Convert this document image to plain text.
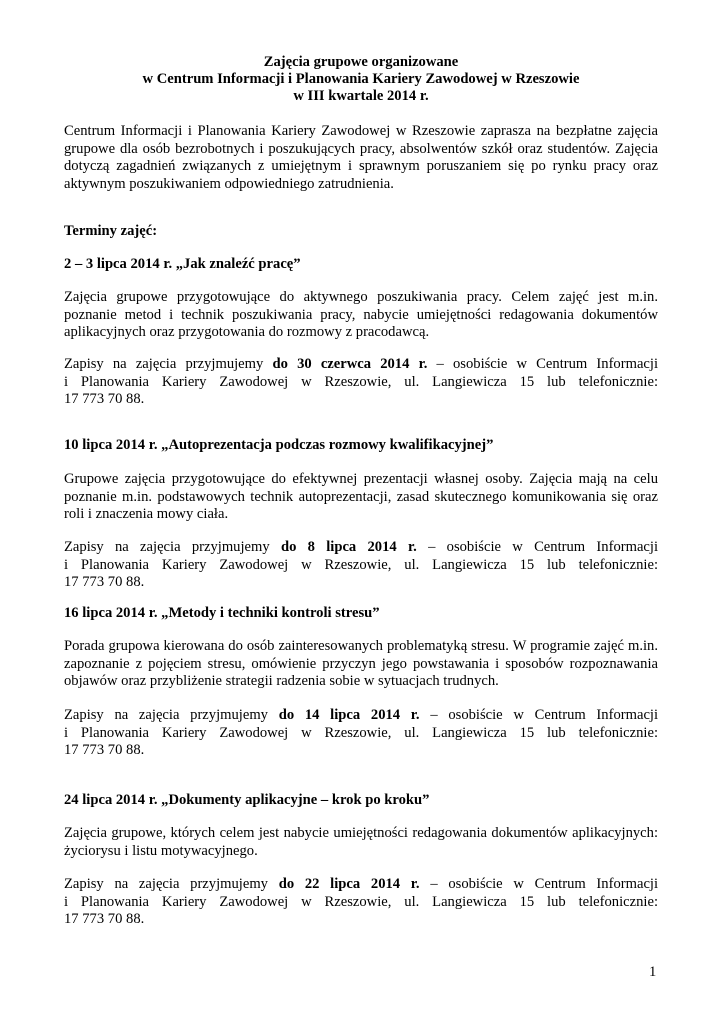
Zajęcia grupowe organizowane
w Centrum Informacji i Planowania Kariery Zawodowej w Rzeszowie
w III kwartale 2014 r.
Centrum Informacji i Planowania Kariery Zawodowej w Rzeszowie zaprasza na bezpłatne zajęcia
grupowe dla osób bezrobotnych i poszukujących pracy, absolwentów szkół oraz studentów. Zajęcia
dotyczą zagadnień związanych z umiejętnym i sprawnym poruszaniem się po rynku pracy oraz
aktywnym poszukiwaniem odpowiedniego zatrudnienia.
Terminy zajęć:
2 – 3 lipca 2014 r. „Jak znaleźć pracę”
Zajęcia grupowe przygotowujące do aktywnego poszukiwania pracy. Celem zajęć jest m.in.
poznanie metod i technik poszukiwania pracy, nabycie umiejętności redagowania dokumentów
aplikacyjnych oraz przygotowania do rozmowy z pracodawcą.
Zapisy na zajęcia przyjmujemy do 30 czerwca 2014 r. – osobiście w Centrum Informacji
i Planowania Kariery Zawodowej w Rzeszowie, ul. Langiewicza 15 lub telefonicznie:
17 773 70 88.
10 lipca 2014 r. „Autoprezentacja podczas rozmowy kwalifikacyjnej”
Grupowe zajęcia przygotowujące do efektywnej prezentacji własnej osoby. Zajęcia mają na celu
poznanie m.in. podstawowych technik autoprezentacji, zasad skutecznego komunikowania się oraz
roli i znaczenia mowy ciała.
Zapisy na zajęcia przyjmujemy do 8 lipca 2014 r. – osobiście w Centrum Informacji
i Planowania Kariery Zawodowej w Rzeszowie, ul. Langiewicza 15 lub telefonicznie:
17 773 70 88.
16 lipca 2014 r. „Metody i techniki kontroli stresu”
Porada grupowa kierowana do osób zainteresowanych problematyką stresu. W programie zajęć m.in.
zapoznanie z pojęciem stresu, omówienie przyczyn jego powstawania i sposobów rozpoznawania
objawów oraz przybliżenie strategii radzenia sobie w sytuacjach trudnych.
Zapisy na zajęcia przyjmujemy do 14 lipca 2014 r. – osobiście w Centrum Informacji
i Planowania Kariery Zawodowej w Rzeszowie, ul. Langiewicza 15 lub telefonicznie:
17 773 70 88.
24 lipca 2014 r. „Dokumenty aplikacyjne – krok po kroku”
Zajęcia grupowe, których celem jest nabycie umiejętności redagowania dokumentów aplikacyjnych:
życiorysu i listu motywacyjnego.
Zapisy na zajęcia przyjmujemy do 22 lipca 2014 r. – osobiście w Centrum Informacji
i Planowania Kariery Zawodowej w Rzeszowie, ul. Langiewicza 15 lub telefonicznie:
17 773 70 88.
1
